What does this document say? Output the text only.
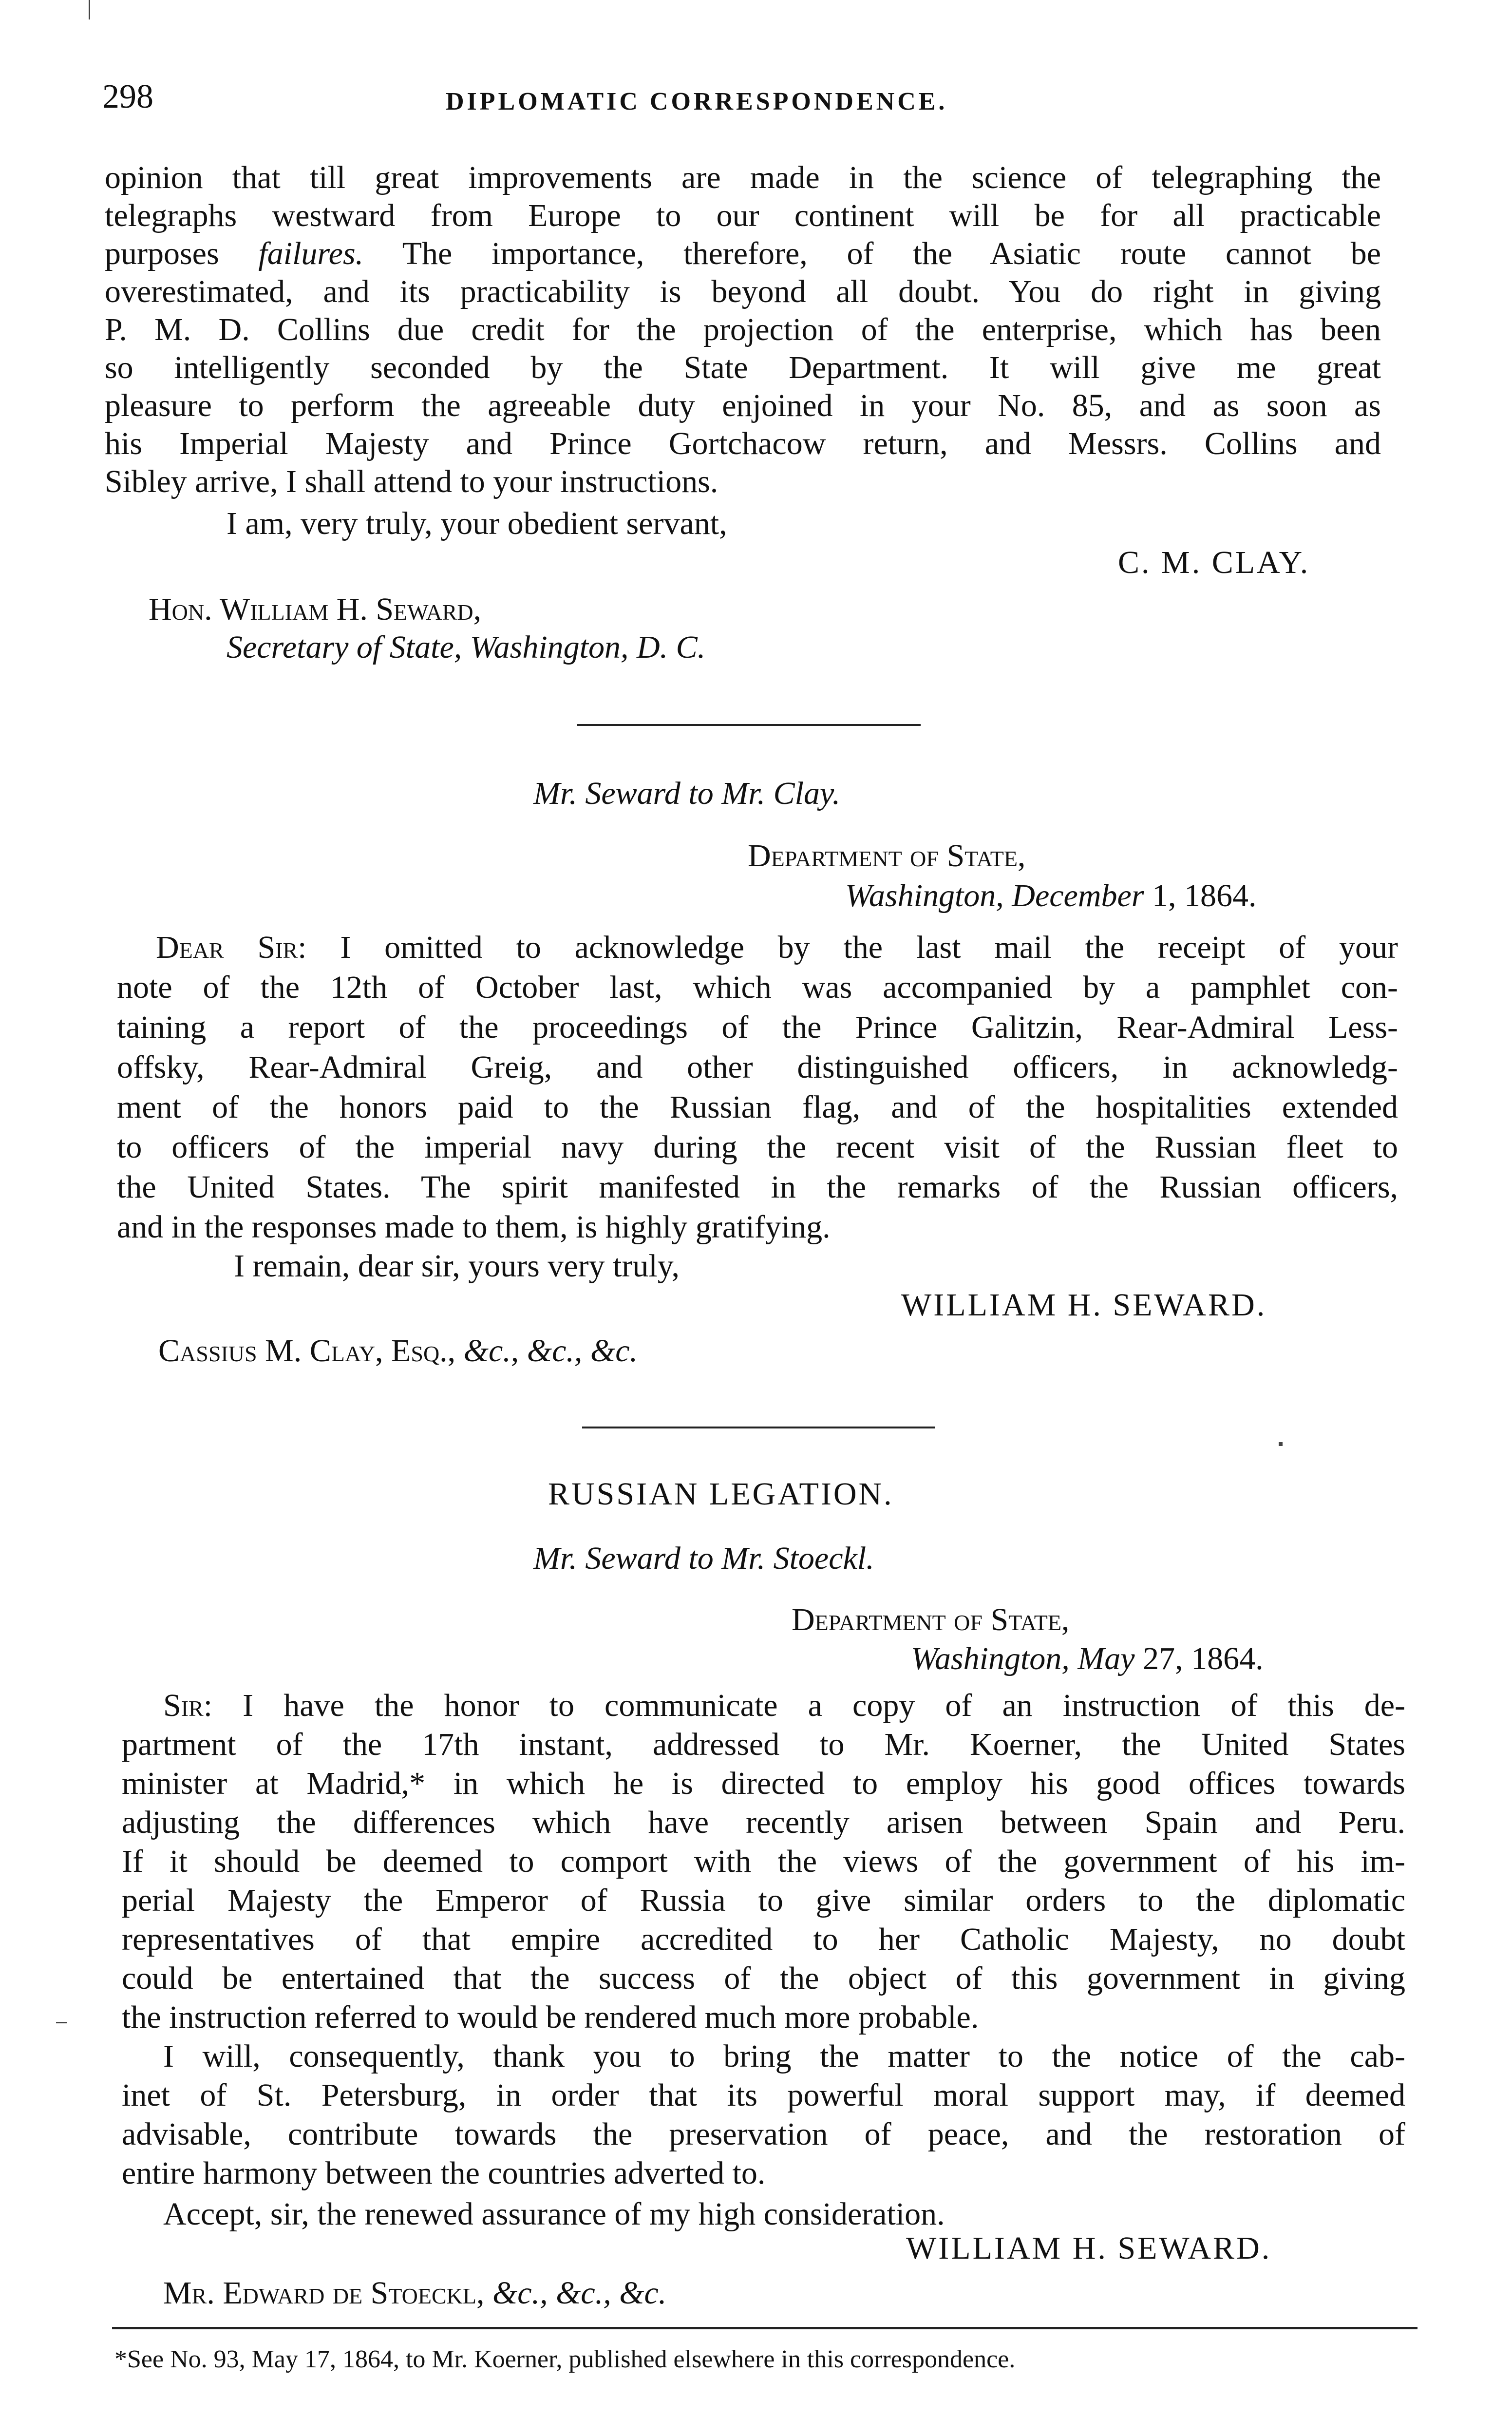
298	DIPLOMATIC CORRESPONDENCE.
opinion that till great improvements are made in the science of telegraphing the
telegraphs westward from Europe to our continent will be for all practicable
purposes failures. The importance, therefore, of the Asiatic route cannot be
overestimated, and its practicability is beyond all doubt. You do right in giving
P. M. D. Collins due credit for the projection of the enterprise, which has been
so intelligently seconded by the State Department. It will give me great
pleasure to perform the agreeable duty enjoined in your No. 85, and as soon as
his Imperial Majesty and Prince Gortchacow return, and Messrs. Collins and
Sibley arrive, I shall attend to your instructions.
I am, very truly, your obedient servant,
C. M. CLAY.
Hon. William H. Seward,
Secretary of State, Washington, D. C.
Mr. Seward to Mr. Clay.
Department of State,
Washington, December 1, 1864.
Dear Sir: I omitted to acknowledge by the last mail the receipt of your
note of the 12th of October last, which was accompanied by a pamphlet con-
taining a report of the proceedings of the Prince Galitzin, Rear-Admiral Less-
offsky, Rear-Admiral Greig, and other distinguished officers, in acknowledg-
ment of the honors paid to the Russian flag, and of the hospitalities extended
to officers of the imperial navy during the recent visit of the Russian fleet to
the United States. The spirit manifested in the remarks of the Russian officers,
and in the responses made to them, is highly gratifying.
I remain, dear sir, yours very truly,
WILLIAM H. SEWARD.
Cassius M. Clay, Esq., &c., &c., &c.
RUSSIAN LEGATION.
Mr. Seward to Mr. Stoeckl.
Department of State,
Washington, May 27, 1864.
Sir: I have the honor to communicate a copy of an instruction of this de-
partment of the 17th instant, addressed to Mr. Koerner, the United States
minister at Madrid,* in which he is directed to employ his good offices towards
adjusting the differences which have recently arisen between Spain and Peru.
If it should be deemed to comport with the views of the government of his im-
perial Majesty the Emperor of Russia to give similar orders to the diplomatic
representatives of that empire accredited to her Catholic Majesty, no doubt
could be entertained that the success of the object of this government in giving
the instruction referred to would be rendered much more probable.
I will, consequently, thank you to bring the matter to the notice of the cab-
inet of St. Petersburg, in order that its powerful moral support may, if deemed
advisable, contribute towards the preservation of peace, and the restoration of
entire harmony between the countries adverted to.
Accept, sir, the renewed assurance of my high consideration.
WILLIAM H. SEWARD.
Mr. Edward de Stoeckl, &c., &c., &c.
*See No. 93, May 17, 1864, to Mr. Koerner, published elsewhere in this correspondence.
